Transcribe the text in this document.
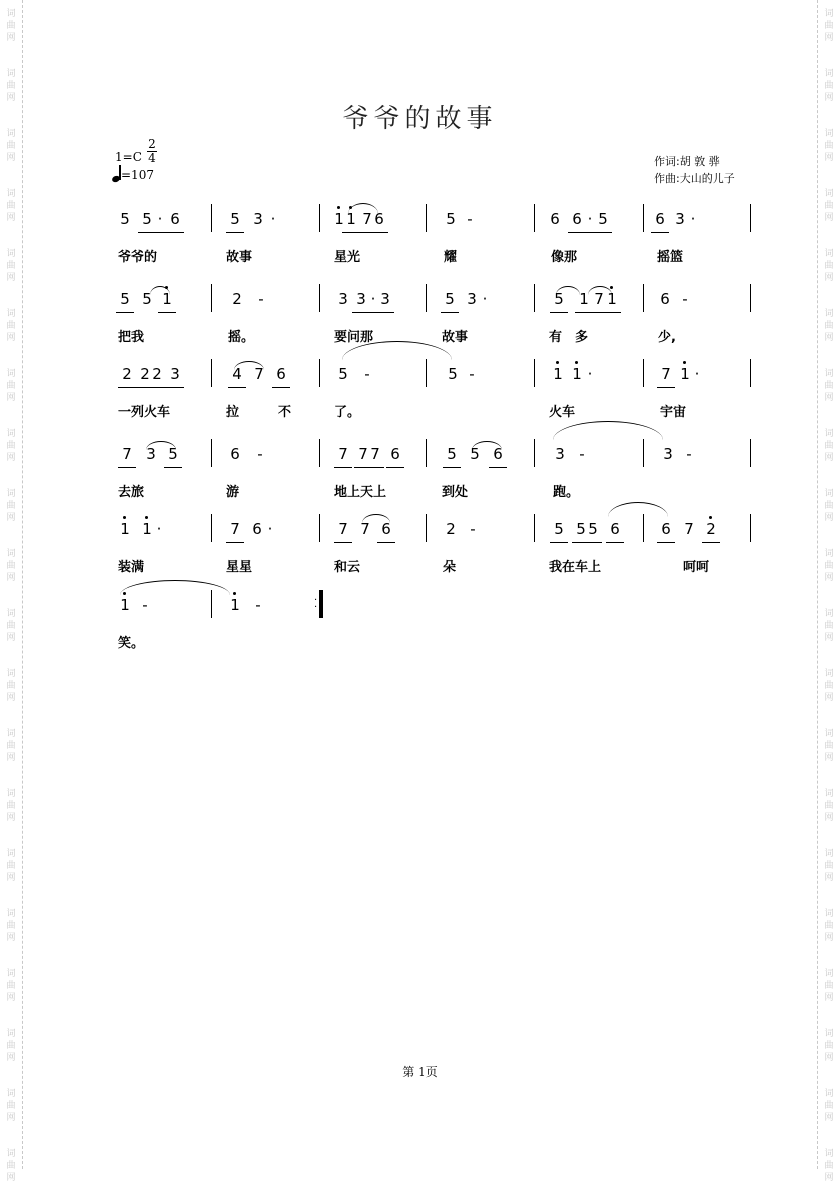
词
曲
网
词
曲
网
词
曲
网
词
曲
网
词
曲
网
词
曲
网
词
曲
网
词
曲
网
词
曲
网
词
曲
网
词
曲
网
词
曲
网
词
曲
网
词
曲
网
词
曲
网
词
曲
网
词
曲
网
词
曲
网
词
曲
网
词
曲
网
词
曲
网
词
曲
网
词
曲
网
词
曲
网
词
曲
网
词
曲
网
词
曲
网
词
曲
网
词
曲
网
词
曲
网
词
曲
网
词
曲
网
词
曲
网
词
曲
网
词
曲
网
词
曲
网
词
曲
网
词
曲
网
词
曲
网
词
曲
网
爷爷的故事
1=C
2
4
=107
作词:胡 敦 骅
作曲:大山的儿子
5 5 · 6	5 3 ·	1 1 7 6	5 -	6 6 · 5	6 3 ·
爷爷的	故事	星光	耀	像那	摇篮
5 5 1	2 -	3 3 · 3	5 3 ·	5 1 7 1	6 -
把我	摇。	要问那	故事	有 多	少,
2 2 2 3	4 7 6	5 -	5 -	1 1 ·	7 1 ·
一列火车	拉	不	了。	火车	宇宙
7 3 5	6 -	7 7 7 6	5 5 6	3 -	3 -
去旅	游	地上天上	到处	跑。
1 1 ·	7 6 ·	7 7 6	2 -	5 5 5 6	6 7 2
装满	星星	和云	朵	我在车上	呵呵
·
·
1 -	1 -
笑。
第 1页
